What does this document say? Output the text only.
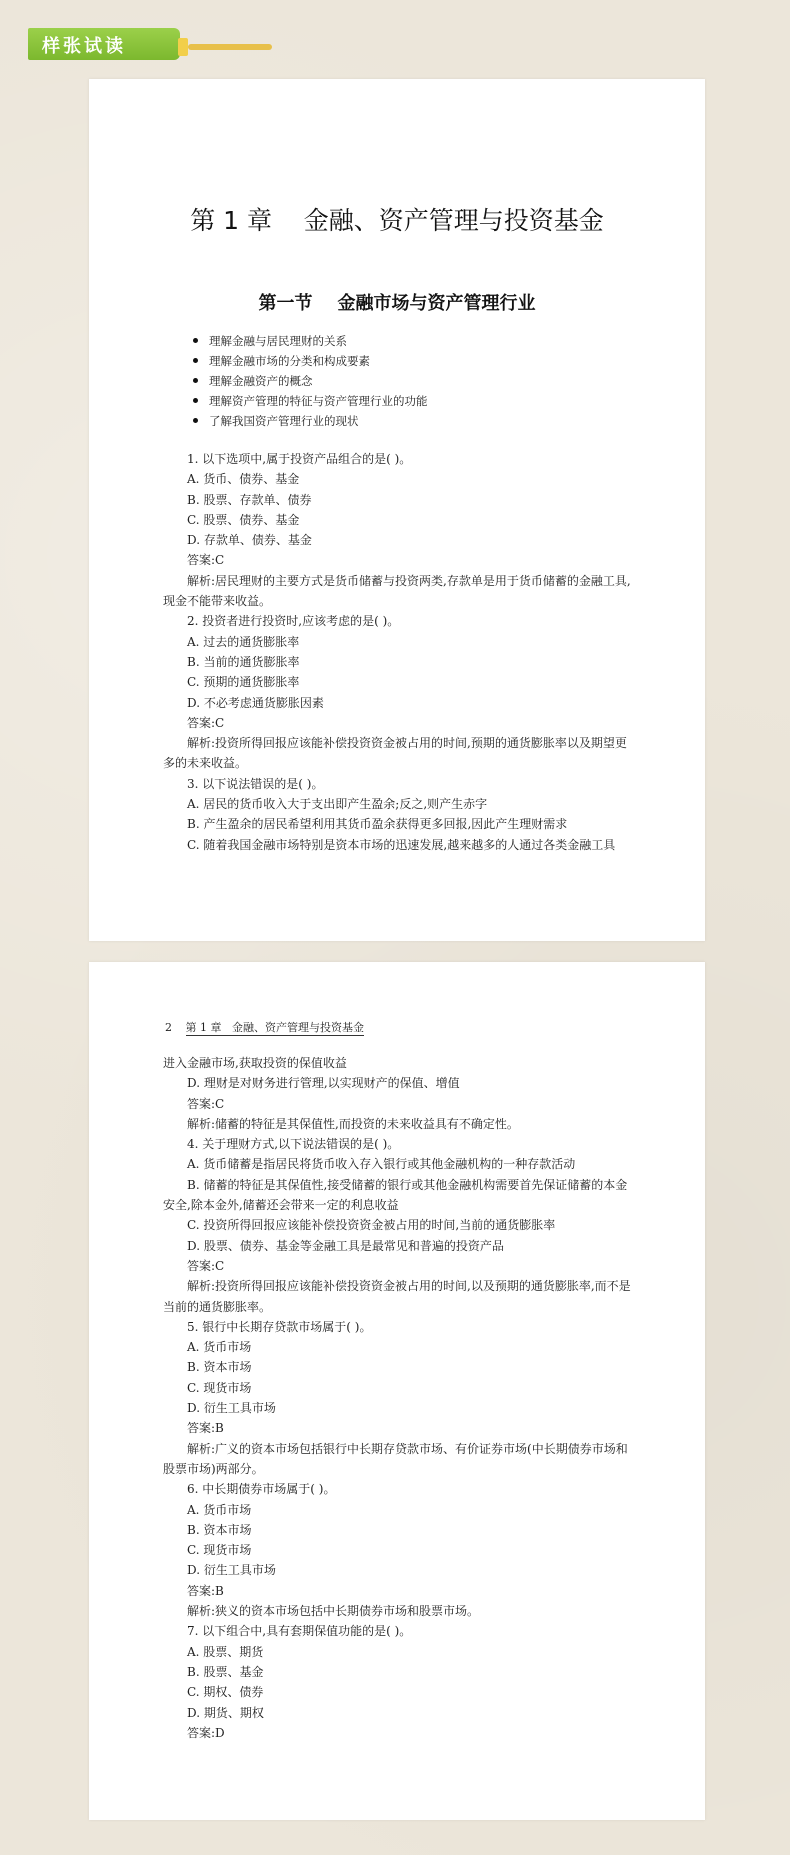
样张试读
第 1 章    金融、资产管理与投资基金
第一节    金融市场与资产管理行业
理解金融与居民理财的关系
理解金融市场的分类和构成要素
理解金融资产的概念
理解资产管理的特征与资产管理行业的功能
了解我国资产管理行业的现状

1. 以下选项中,属于投资产品组合的是( )。

A. 货币、债券、基金

B. 股票、存款单、债券

C. 股票、债券、基金

D. 存款单、债券、基金

答案:C

解析:居民理财的主要方式是货币储蓄与投资两类,存款单是用于货币储蓄的金融工具,现金不能带来收益。

2. 投资者进行投资时,应该考虑的是( )。

A. 过去的通货膨胀率

B. 当前的通货膨胀率

C. 预期的通货膨胀率

D. 不必考虑通货膨胀因素

答案:C

解析:投资所得回报应该能补偿投资资金被占用的时间,预期的通货膨胀率以及期望更多的未来收益。

3. 以下说法错误的是( )。

A. 居民的货币收入大于支出即产生盈余;反之,则产生赤字

B. 产生盈余的居民希望利用其货币盈余获得更多回报,因此产生理财需求

C. 随着我国金融市场特别是资本市场的迅速发展,越来越多的人通过各类金融工具

2 第 1 章   金融、资产管理与投资基金

进入金融市场,获取投资的保值收益

D. 理财是对财务进行管理,以实现财产的保值、增值

答案:C

解析:储蓄的特征是其保值性,而投资的未来收益具有不确定性。

4. 关于理财方式,以下说法错误的是( )。

A. 货币储蓄是指居民将货币收入存入银行或其他金融机构的一种存款活动

B. 储蓄的特征是其保值性,接受储蓄的银行或其他金融机构需要首先保证储蓄的本金安全,除本金外,储蓄还会带来一定的利息收益

C. 投资所得回报应该能补偿投资资金被占用的时间,当前的通货膨胀率

D. 股票、债券、基金等金融工具是最常见和普遍的投资产品

答案:C

解析:投资所得回报应该能补偿投资资金被占用的时间,以及预期的通货膨胀率,而不是当前的通货膨胀率。

5. 银行中长期存贷款市场属于( )。

A. 货币市场

B. 资本市场

C. 现货市场

D. 衍生工具市场

答案:B

解析:广义的资本市场包括银行中长期存贷款市场、有价证券市场(中长期债券市场和股票市场)两部分。

6. 中长期债券市场属于( )。

A. 货币市场

B. 资本市场

C. 现货市场

D. 衍生工具市场

答案:B

解析:狭义的资本市场包括中长期债券市场和股票市场。

7. 以下组合中,具有套期保值功能的是( )。

A. 股票、期货

B. 股票、基金

C. 期权、债券

D. 期货、期权

答案:D
